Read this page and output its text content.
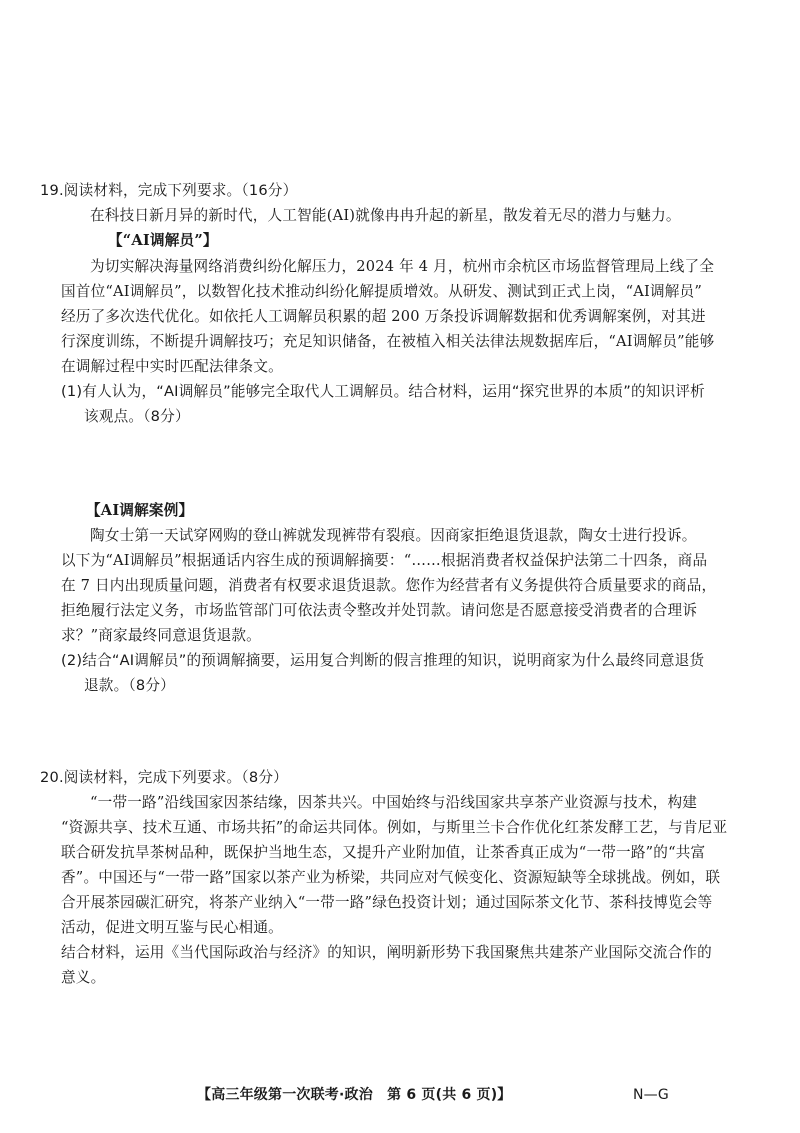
19.阅读材料，完成下列要求。（16分）
在科技日新月异的新时代，人工智能(AI)就像冉冉升起的新星，散发着无尽的潜力与魅力。
【“AI调解员”】
为切实解决海量网络消费纠纷化解压力，2024 年 4 月，杭州市余杭区市场监督管理局上线了全
国首位“AI调解员”，以数智化技术推动纠纷化解提质增效。从研发、测试到正式上岗，“AI调解员”
经历了多次迭代优化。如依托人工调解员积累的超 200 万条投诉调解数据和优秀调解案例，对其进
行深度训练，不断提升调解技巧；充足知识储备，在被植入相关法律法规数据库后，“AI调解员”能够
在调解过程中实时匹配法律条文。
(1)有人认为，“AI调解员”能够完全取代人工调解员。结合材料，运用“探究世界的本质”的知识评析
该观点。（8分）
【AI调解案例】
陶女士第一天试穿网购的登山裤就发现裤带有裂痕。因商家拒绝退货退款，陶女士进行投诉。
以下为“AI调解员”根据通话内容生成的预调解摘要：“……根据消费者权益保护法第二十四条，商品
在 7 日内出现质量问题，消费者有权要求退货退款。您作为经营者有义务提供符合质量要求的商品，
拒绝履行法定义务，市场监管部门可依法责令整改并处罚款。请问您是否愿意接受消费者的合理诉
求？”商家最终同意退货退款。
(2)结合“AI调解员”的预调解摘要，运用复合判断的假言推理的知识，说明商家为什么最终同意退货
退款。（8分）
20.阅读材料，完成下列要求。（8分）
“一带一路”沿线国家因茶结缘，因茶共兴。中国始终与沿线国家共享茶产业资源与技术，构建
“资源共享、技术互通、市场共拓”的命运共同体。例如，与斯里兰卡合作优化红茶发酵工艺，与肯尼亚
联合研发抗旱茶树品种，既保护当地生态，又提升产业附加值，让茶香真正成为“一带一路”的“共富
香”。中国还与“一带一路”国家以茶产业为桥梁，共同应对气候变化、资源短缺等全球挑战。例如，联
合开展茶园碳汇研究，将茶产业纳入“一带一路”绿色投资计划；通过国际茶文化节、茶科技博览会等
活动，促进文明互鉴与民心相通。
结合材料，运用《当代国际政治与经济》的知识，阐明新形势下我国聚焦共建茶产业国际交流合作的
意义。
【高三年级第一次联考·政治　第 6 页(共 6 页)】	N—G
